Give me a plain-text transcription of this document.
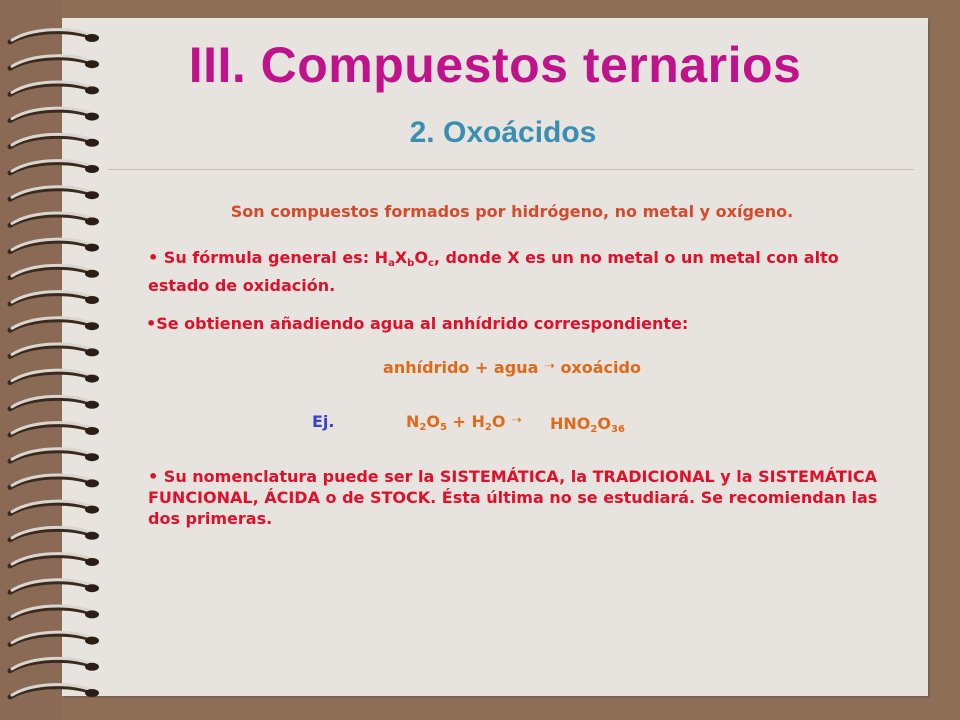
III. Compuestos ternarios
2. Oxoácidos
Son compuestos formados por hidrógeno, no metal y oxígeno.
• Su fórmula general es: $H_aX_bO_c$, donde X es un no metal o un metal con alto estado de oxidación.
•Se obtienen añadiendo agua al anhídrido correspondiente:
anhídrido + agua ➝ oxoácido
Ej.	$N_2O_5 + H_2O$ ➝ $HNO_2O_{36}$
• Su nomenclatura puede ser la SISTEMÁTICA, la TRADICIONAL y la SISTEMÁTICA FUNCIONAL, ÁCIDA o de STOCK. Ésta última no se estudiará. Se recomiendan las dos primeras.
